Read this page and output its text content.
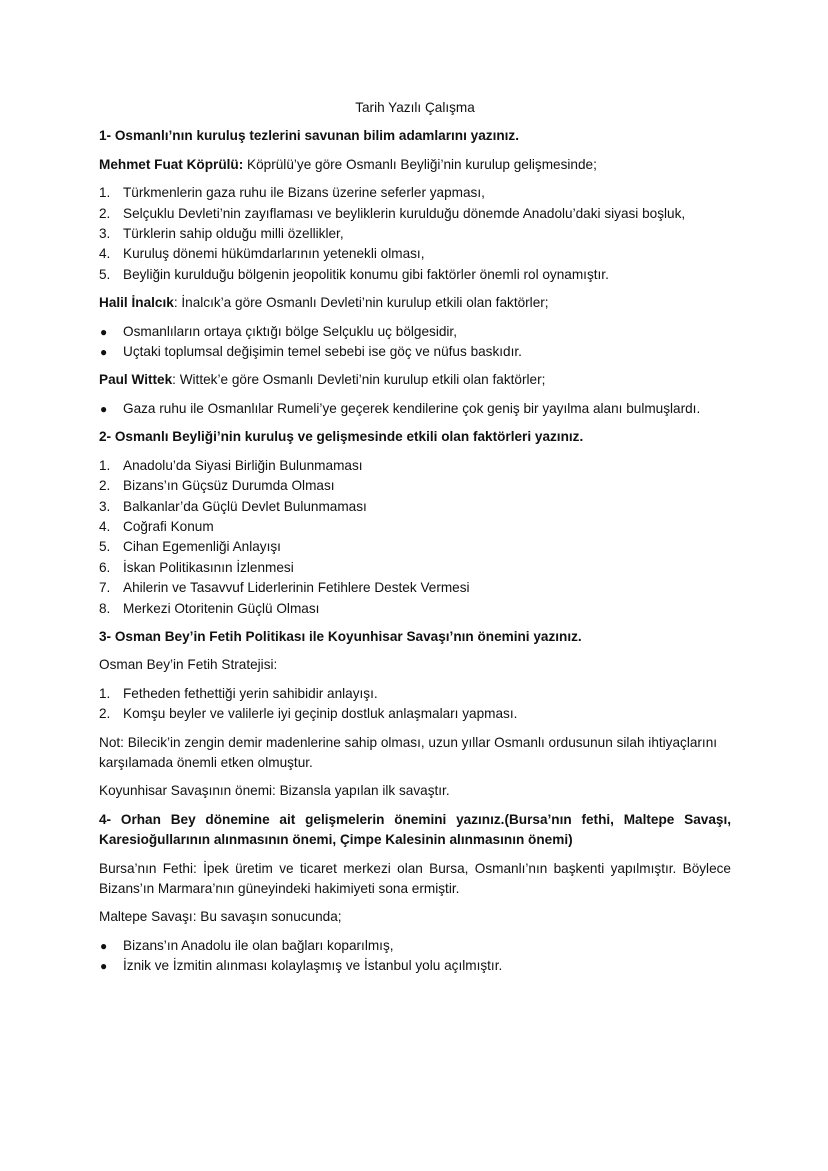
Tarih Yazılı Çalışma
1- Osmanlı’nın kuruluş tezlerini savunan bilim adamlarını yazınız.
Mehmet Fuat Köprülü: Köprülü’ye göre Osmanlı Beyliği’nin kurulup gelişmesinde;
1. Türkmenlerin gaza ruhu ile Bizans üzerine seferler yapması,
2. Selçuklu Devleti’nin zayıflaması ve beyliklerin kurulduğu dönemde Anadolu’daki siyasi boşluk,
3. Türklerin sahip olduğu milli özellikler,
4. Kuruluş dönemi hükümdarlarının yetenekli olması,
5. Beyliğin kurulduğu bölgenin jeopolitik konumu gibi faktörler önemli rol oynamıştır.
Halil İnalcık: İnalcık’a göre Osmanlı Devleti’nin kurulup etkili olan faktörler;
● Osmanlıların ortaya çıktığı bölge Selçuklu uç bölgesidir,
● Uçtaki toplumsal değişimin temel sebebi ise göç ve nüfus baskıdır.
Paul Wittek: Wittek’e göre Osmanlı Devleti’nin kurulup etkili olan faktörler;
● Gaza ruhu ile Osmanlılar Rumeli’ye geçerek kendilerine çok geniş bir yayılma alanı bulmuşlardı.
2- Osmanlı Beyliği’nin kuruluş ve gelişmesinde etkili olan faktörleri yazınız.
1. Anadolu’da Siyasi Birliğin Bulunmaması
2. Bizans’ın Güçsüz Durumda Olması
3. Balkanlar’da Güçlü Devlet Bulunmaması
4. Coğrafi Konum
5. Cihan Egemenliği Anlayışı
6. İskan Politikasının İzlenmesi
7. Ahilerin ve Tasavvuf Liderlerinin Fetihlere Destek Vermesi
8. Merkezi Otoritenin Güçlü Olması
3- Osman Bey’in Fetih Politikası ile Koyunhisar Savaşı’nın önemini yazınız.
Osman Bey’in Fetih Stratejisi:
1. Fetheden fethettiği yerin sahibidir anlayışı.
2. Komşu beyler ve valilerle iyi geçinip dostluk anlaşmaları yapması.
Not: Bilecik’in zengin demir madenlerine sahip olması, uzun yıllar Osmanlı ordusunun silah ihtiyaçlarını karşılamada önemli etken olmuştur.
Koyunhisar Savaşının önemi: Bizansla yapılan ilk savaştır.
4- Orhan Bey dönemine ait gelişmelerin önemini yazınız.(Bursa’nın fethi, Maltepe Savaşı, Karesioğullarının alınmasının önemi, Çimpe Kalesinin alınmasının önemi)
Bursa’nın Fethi: İpek üretim ve ticaret merkezi olan Bursa, Osmanlı’nın başkenti yapılmıştır. Böylece Bizans’ın Marmara’nın güneyindeki hakimiyeti sona ermiştir.
Maltepe Savaşı: Bu savaşın sonucunda;
● Bizans’ın Anadolu ile olan bağları koparılmış,
● İznik ve İzmitin alınması kolaylaşmış ve İstanbul yolu açılmıştır.
